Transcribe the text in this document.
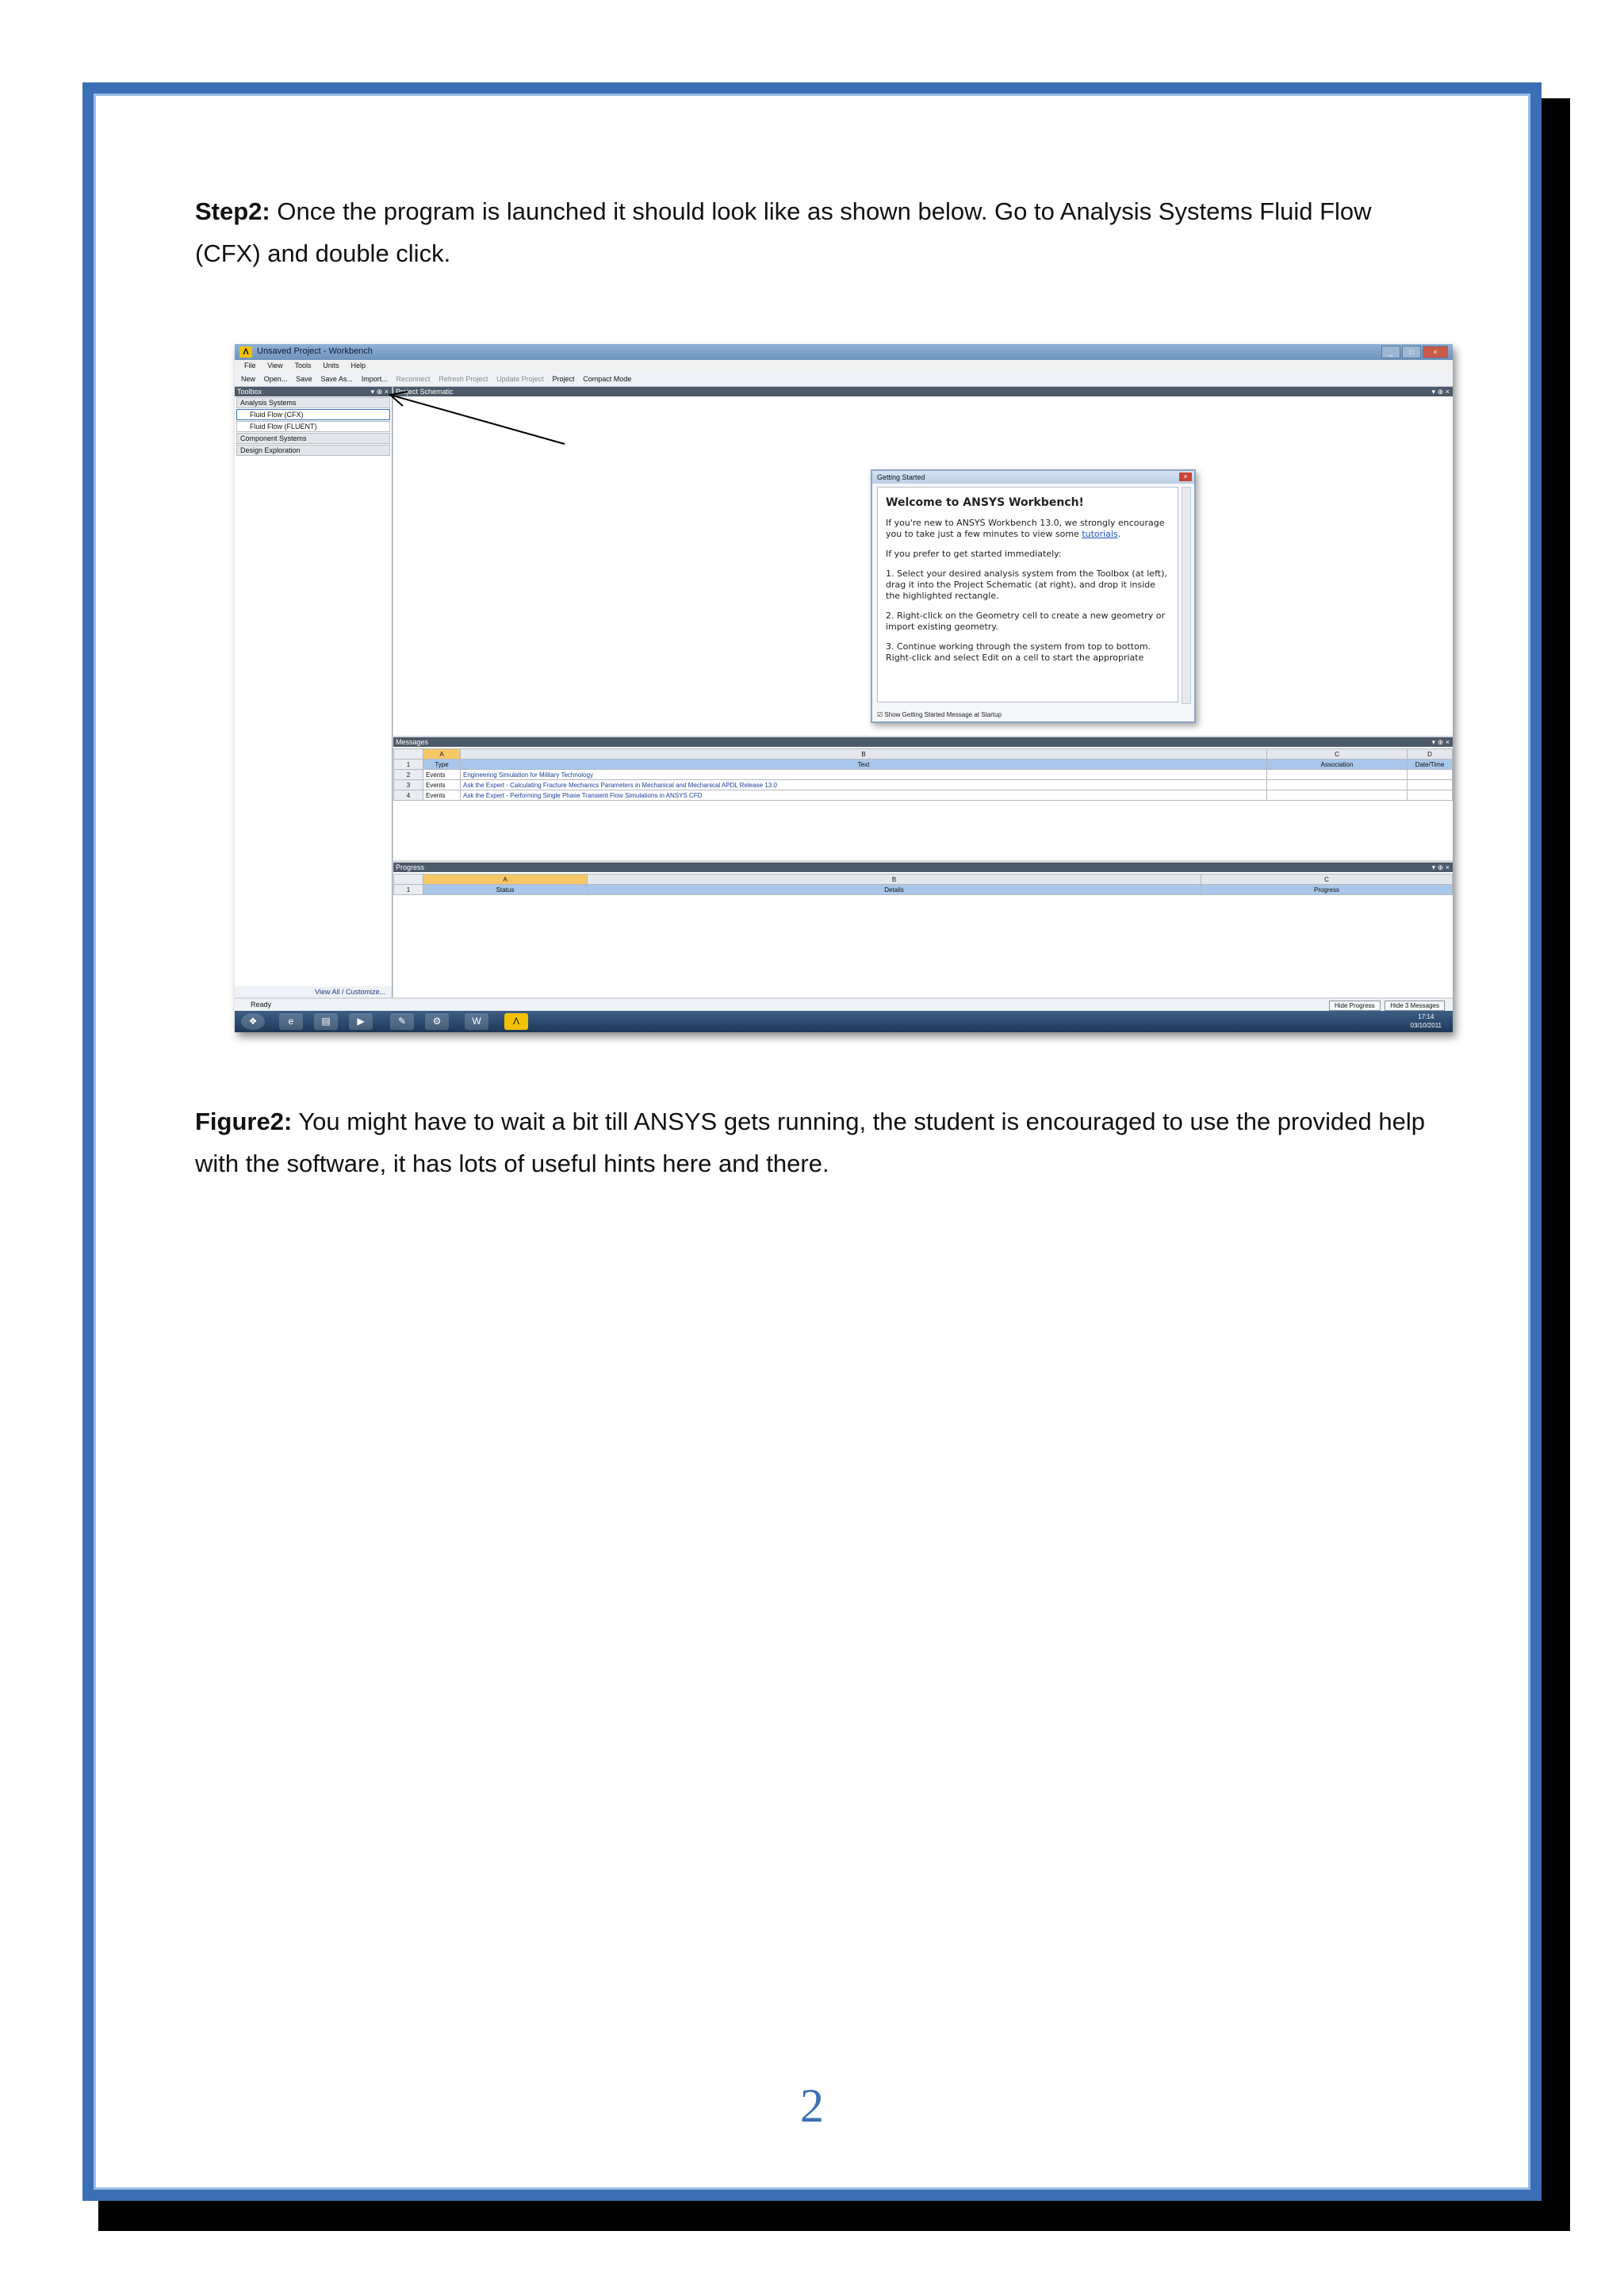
Step2: Once the program is launched it should look like as shown below. Go to Analysis Systems Fluid Flow (CFX) and double click.

Λ Unsaved Project - Workbench	_ □	×
File View Tools Units Help
New Open... Save Save As... Import... Reconnect Refresh Project Update Project Project Compact Mode
Toolbox	▾ ⊕ ×
Analysis Systems
Fluid Flow (CFX)
Fluid Flow (FLUENT)
Component Systems
Design Exploration
View All / Customize...
Project Schematic	▾ ⊕ ×
Getting Started	×
Welcome to ANSYS Workbench!

If you're new to ANSYS Workbench 13.0, we strongly encourage you to take just a few minutes to view some tutorials.

If you prefer to get started immediately:

1. Select your desired analysis system from the Toolbox (at left), drag it into the Project Schematic (at right), and drop it inside the highlighted rectangle.

2. Right-click on the Geometry cell to create a new geometry or import existing geometry.

3. Continue working through the system from top to bottom. Right-click and select Edit on a cell to start the appropriate

☑ Show Getting Started Message at Startup
Messages	▾ ⊕ ×
	A	B	C	D
1	Type	Text	Association	Date/Time
2	Events	Engineering Simulation for Military Technology		
3	Events	Ask the Expert - Calculating Fracture Mechanics Parameters in Mechanical and Mechanical APDL Release 13.0		
4	Events	Ask the Expert - Performing Single Phase Transient Flow Simulations in ANSYS CFD		
Progress	▾ ⊕ ×
	A	B	C
1	Status	Details	Progress
Ready	Hide Progress Hide 3 Messages
❖	e	▤	▶	✎	⚙	W	Λ	17:14
03/10/2011

Figure2: You might have to wait a bit till ANSYS gets running, the student is encouraged to use the provided help with the software, it has lots of useful hints here and there.

2
